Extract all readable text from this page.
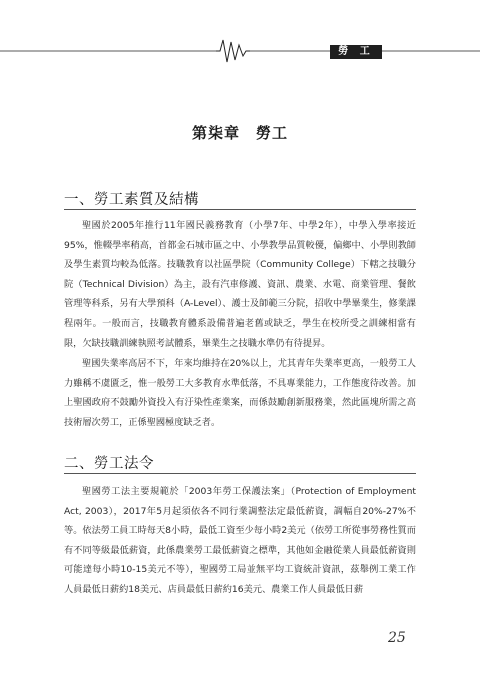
勞 工
第柒章　勞工
一、勞工素質及結構
聖國於2005年推行11年國民義務教育（小學7年、中學2年），中學入學率接近95%，惟輟學率稍高，首都金石城市區之中、小學教學品質較優，偏鄉中、小學則教師及學生素質均較為低落。技職教育以社區學院（Community College）下轄之技職分院（Technical Division）為主，設有汽車修護、資訊、農業、水電、商業管理、餐飲管理等科系，另有大學預科（A-Level）、護士及師範三分院，招收中學畢業生，修業課程兩年。一般而言，技職教育體系設備普遍老舊或缺乏，學生在校所受之訓練相當有限，欠缺技職訓練執照考試體系，畢業生之技職水準仍有待提昇。
聖國失業率高居不下，年來均維持在20%以上，尤其青年失業率更高，一般勞工人力雖稱不虞匱乏，惟一般勞工大多教育水準低落，不具專業能力，工作態度待改善。加上聖國政府不鼓勵外資投入有汙染性產業案，而係鼓勵創新服務業，然此區塊所需之高技術層次勞工，正係聖國極度缺乏者。
二、勞工法令
聖國勞工法主要規範於「2003年勞工保護法案」（Protection of Employment Act, 2003），2017年5月起須依各不同行業調整法定最低薪資，調幅自20%-27%不等。依法勞工員工時每天8小時，最低工資至少每小時2美元（依勞工所從事勞務性質而有不同等級最低薪資，此係農業勞工最低薪資之標準，其他如金融從業人員最低薪資則可能達每小時10-15美元不等），聖國勞工局並無平均工資統計資訊，茲舉例工業工作人員最低日薪約18美元、店員最低日薪約16美元、農業工作人員最低日薪
25
